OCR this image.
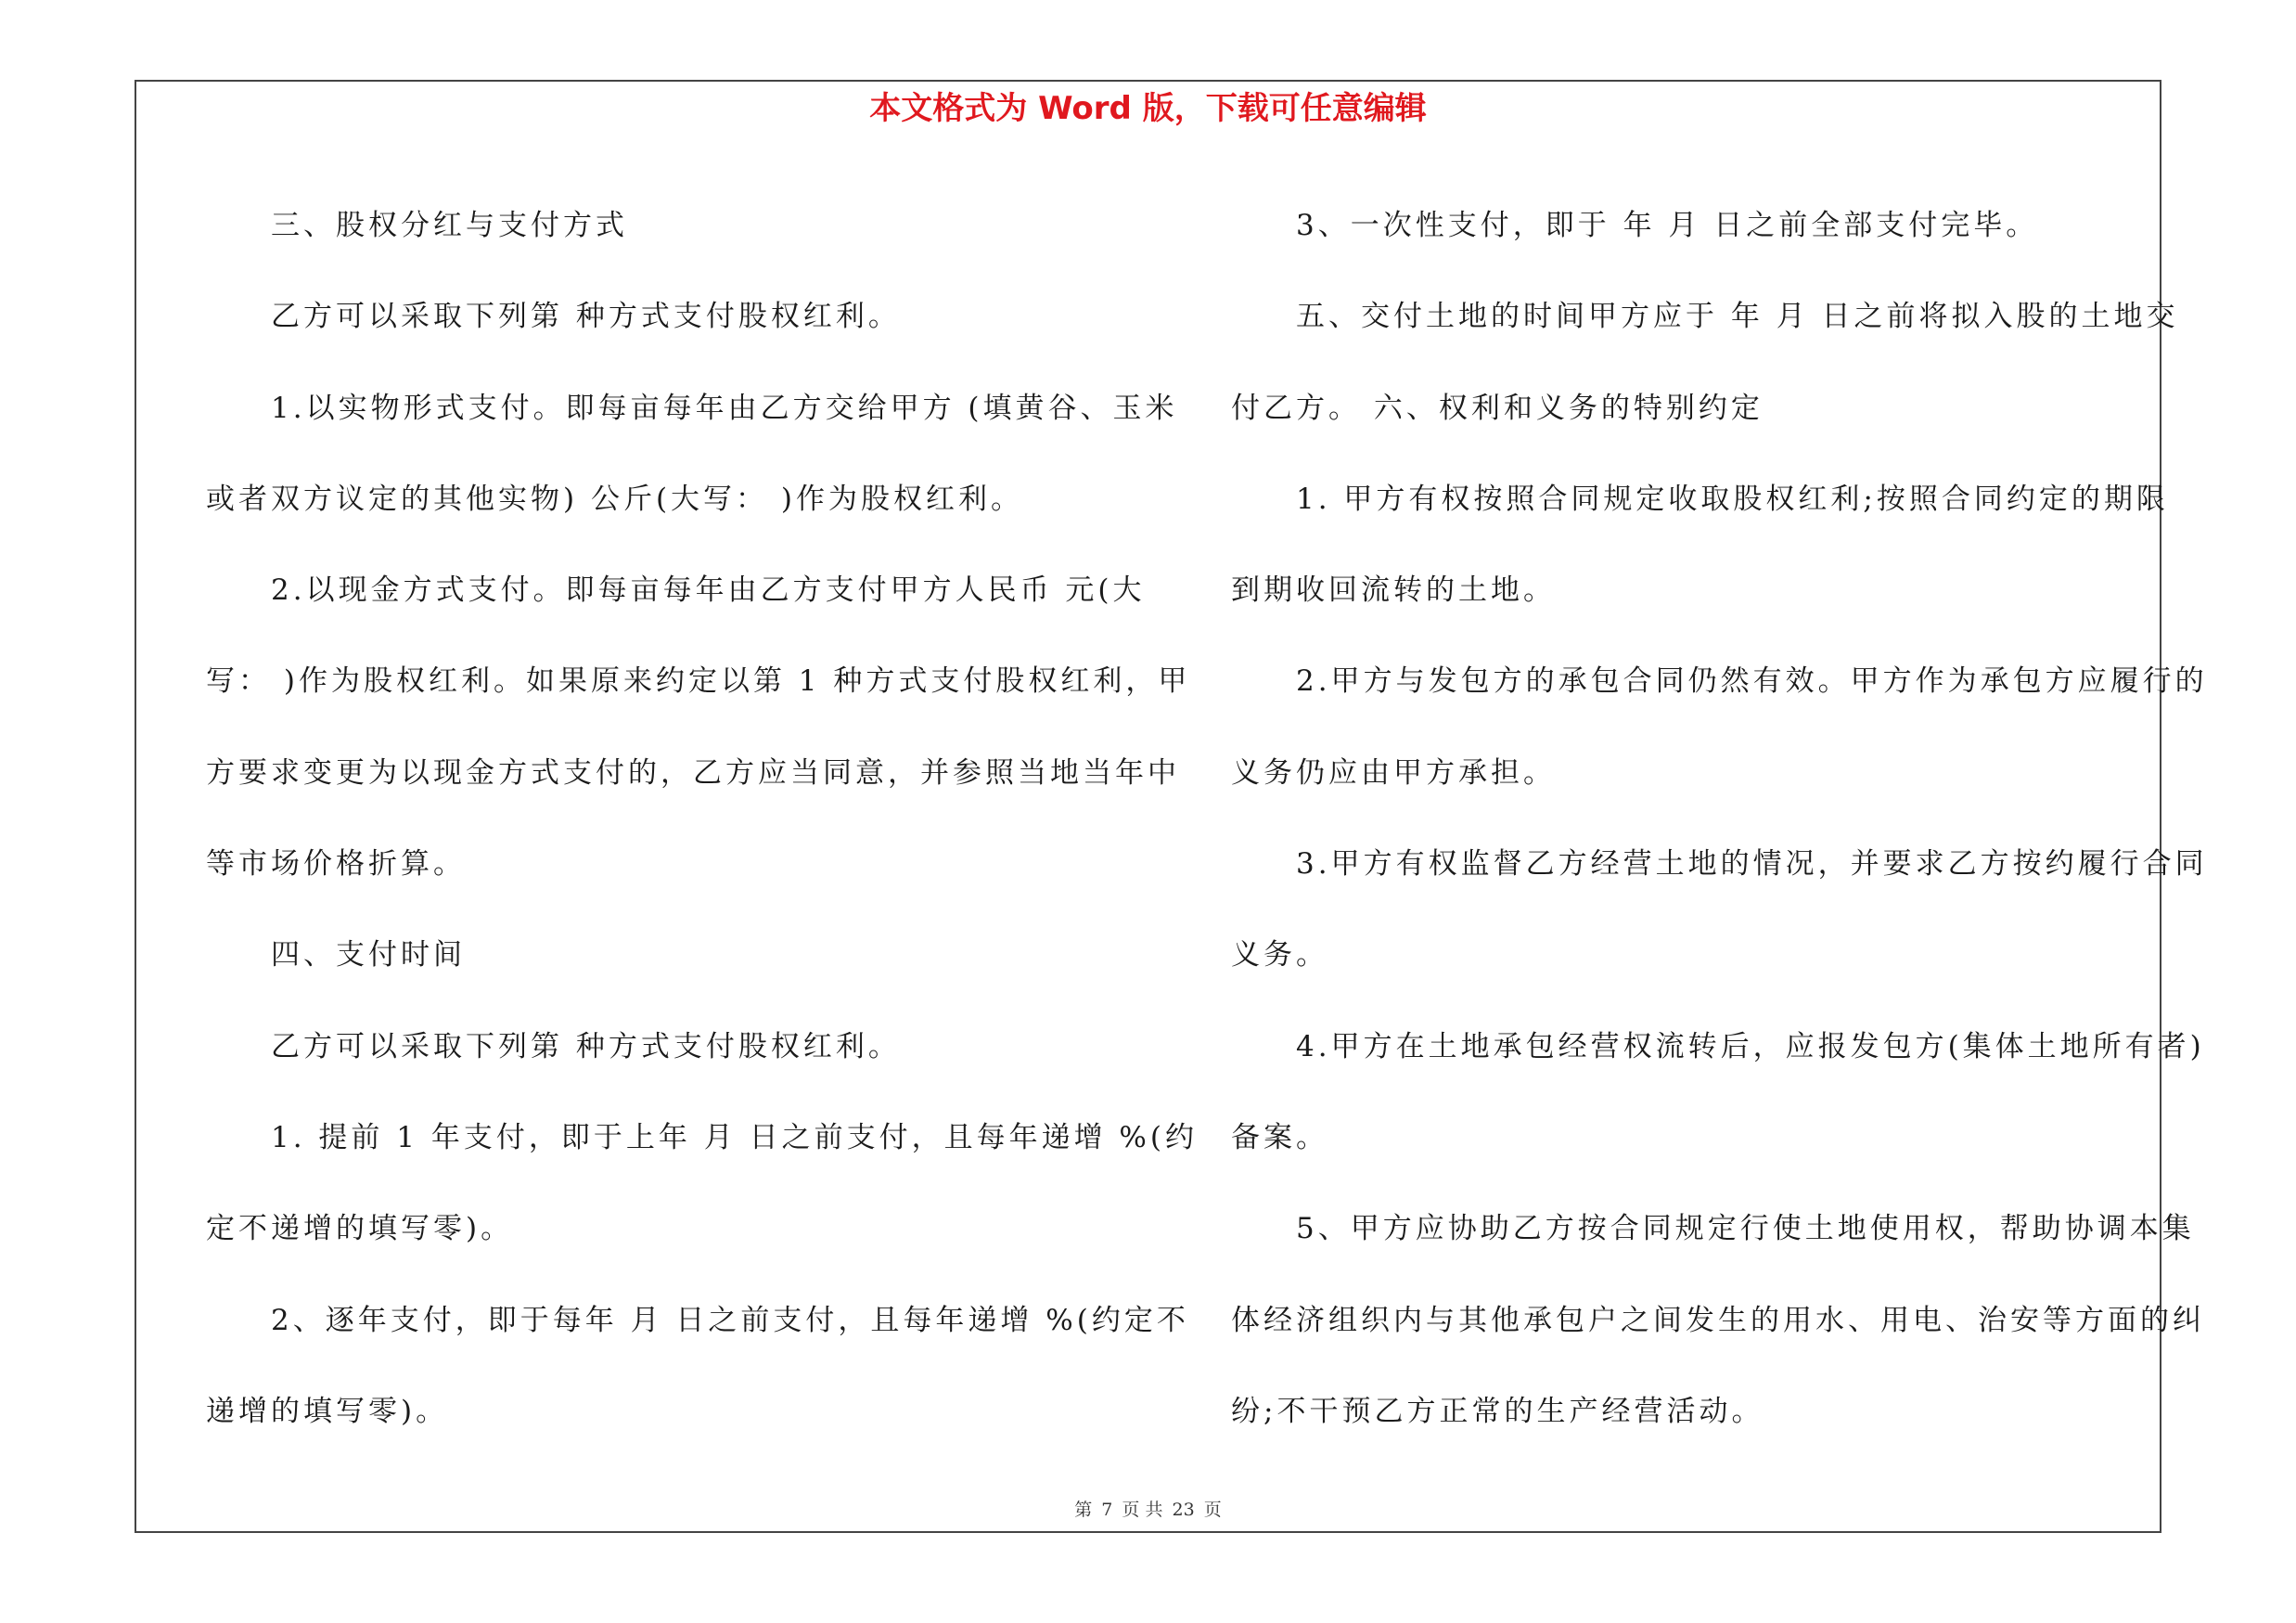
本文格式为 Word 版，下载可任意编辑
三、股权分红与支付方式
乙方可以采取下列第 种方式支付股权红利。
1.以实物形式支付。即每亩每年由乙方交给甲方 (填黄谷、玉米
或者双方议定的其他实物) 公斤(大写： )作为股权红利。
2.以现金方式支付。即每亩每年由乙方支付甲方人民币 元(大
写： )作为股权红利。如果原来约定以第 1 种方式支付股权红利，甲
方要求变更为以现金方式支付的，乙方应当同意，并参照当地当年中
等市场价格折算。
四、支付时间
乙方可以采取下列第 种方式支付股权红利。
1. 提前 1 年支付，即于上年 月 日之前支付，且每年递增 %(约
定不递增的填写零)。
2、逐年支付，即于每年 月 日之前支付，且每年递增 %(约定不
递增的填写零)。
3、一次性支付，即于 年 月 日之前全部支付完毕。
五、交付土地的时间甲方应于 年 月 日之前将拟入股的土地交
付乙方。 六、权利和义务的特别约定
1. 甲方有权按照合同规定收取股权红利;按照合同约定的期限
到期收回流转的土地。
2.甲方与发包方的承包合同仍然有效。甲方作为承包方应履行的
义务仍应由甲方承担。
3.甲方有权监督乙方经营土地的情况，并要求乙方按约履行合同
义务。
4.甲方在土地承包经营权流转后，应报发包方(集体土地所有者)
备案。
5、甲方应协助乙方按合同规定行使土地使用权，帮助协调本集
体经济组织内与其他承包户之间发生的用水、用电、治安等方面的纠
纷;不干预乙方正常的生产经营活动。
第 7 页 共 23 页
